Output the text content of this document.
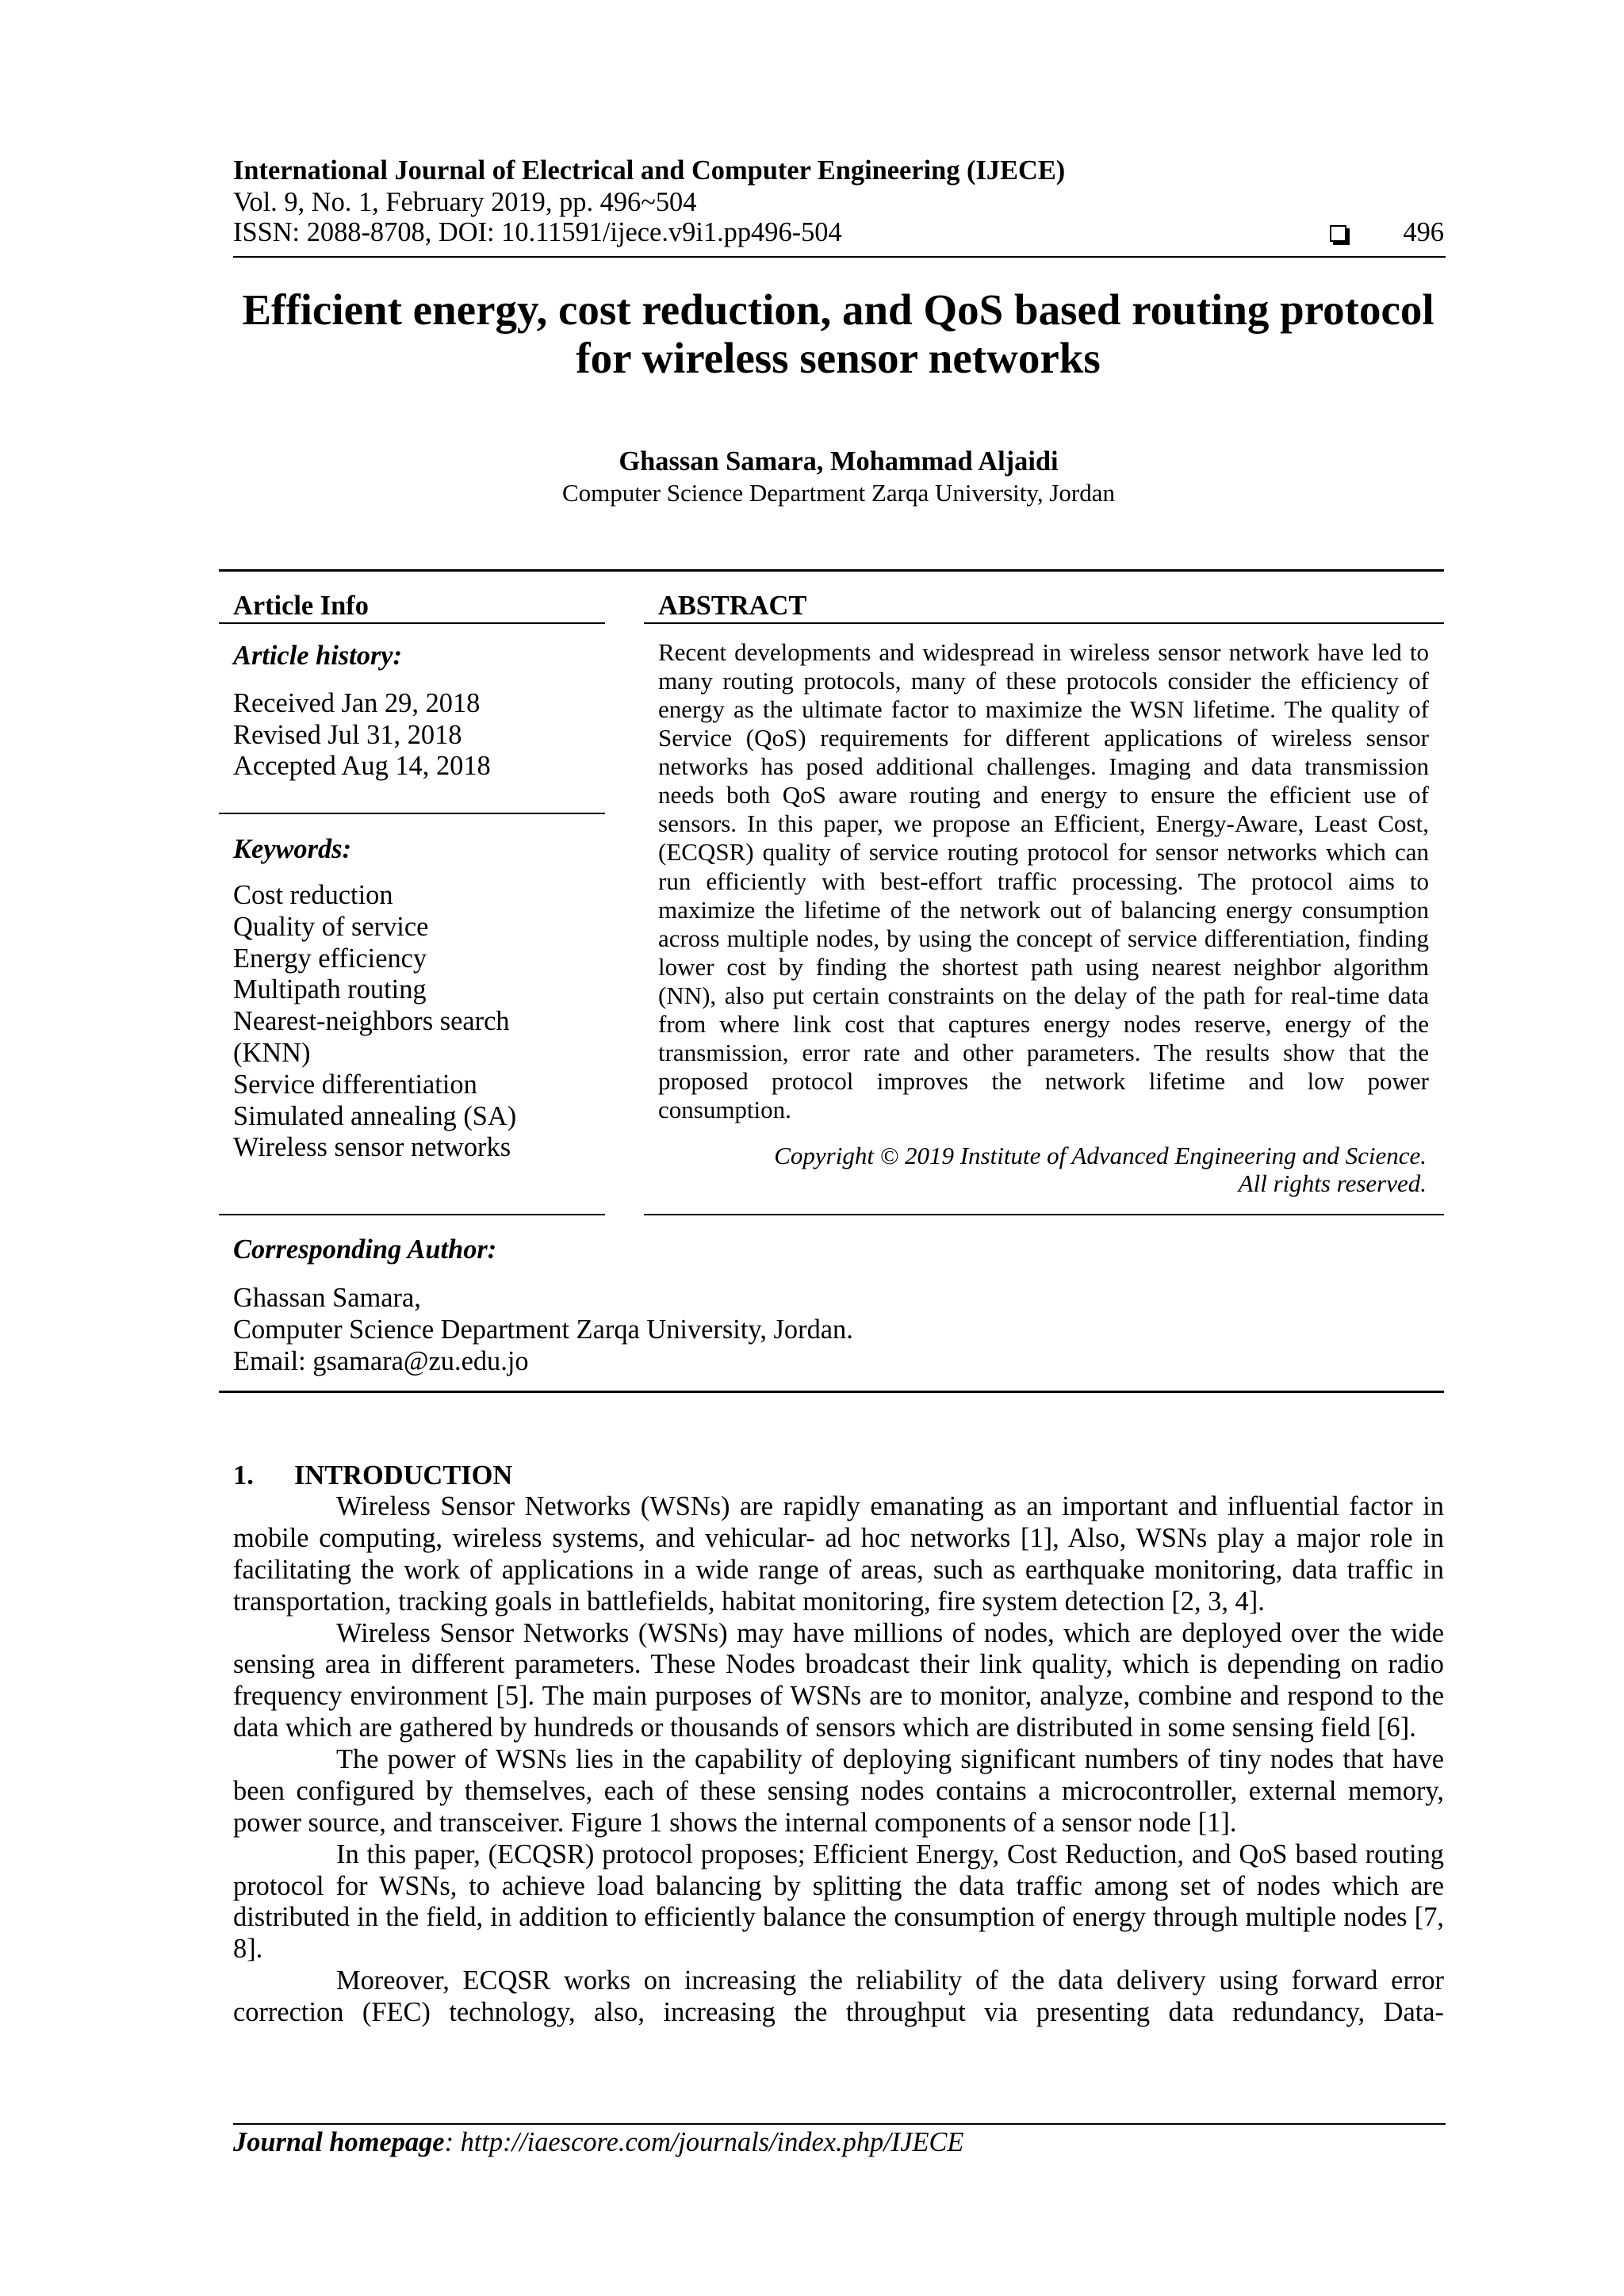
International Journal of Electrical and Computer Engineering (IJECE)
Vol. 9, No. 1, February 2019, pp. 496~504
ISSN: 2088-8708, DOI: 10.11591/ijece.v9i1.pp496-504	496
Efficient energy, cost reduction, and QoS based routing protocol for wireless sensor networks
Ghassan Samara, Mohammad Aljaidi
Computer Science Department Zarqa University, Jordan
Article Info
Article history:
Received Jan 29, 2018
Revised Jul 31, 2018
Accepted Aug 14, 2018
Keywords:
Cost reduction
Quality of service
Energy efficiency
Multipath routing
Nearest-neighbors search (KNN)
Service differentiation
Simulated annealing (SA)
Wireless sensor networks
ABSTRACT

Recent developments and widespread in wireless sensor network have led to many routing protocols, many of these protocols consider the efficiency of energy as the ultimate factor to maximize the WSN lifetime. The quality of Service (QoS) requirements for different applications of wireless sensor networks has posed additional challenges. Imaging and data transmission needs both QoS aware routing and energy to ensure the efficient use of sensors. In this paper, we propose an Efficient, Energy-Aware, Least Cost, (ECQSR) quality of service routing protocol for sensor networks which can run efficiently with best-effort traffic processing. The protocol aims to maximize the lifetime of the network out of balancing energy consumption across multiple nodes, by using the concept of service differentiation, finding lower cost by finding the shortest path using nearest neighbor algorithm (NN), also put certain constraints on the delay of the path for real-time data from where link cost that captures energy nodes reserve, energy of the transmission, error rate and other parameters. The results show that the proposed protocol improves the network lifetime and low power consumption.

Copyright © 2019 Institute of Advanced Engineering and Science.
All rights reserved.
Corresponding Author:
Ghassan Samara,
Computer Science Department Zarqa University, Jordan.
Email: gsamara@zu.edu.jo
1. INTRODUCTION

Wireless Sensor Networks (WSNs) are rapidly emanating as an important and influential factor in mobile computing, wireless systems, and vehicular- ad hoc networks [1], Also, WSNs play a major role in facilitating the work of applications in a wide range of areas, such as earthquake monitoring, data traffic in transportation, tracking goals in battlefields, habitat monitoring, fire system detection [2, 3, 4].

Wireless Sensor Networks (WSNs) may have millions of nodes, which are deployed over the wide sensing area in different parameters. These Nodes broadcast their link quality, which is depending on radio frequency environment [5]. The main purposes of WSNs are to monitor, analyze, combine and respond to the data which are gathered by hundreds or thousands of sensors which are distributed in some sensing field [6].

The power of WSNs lies in the capability of deploying significant numbers of tiny nodes that have been configured by themselves, each of these sensing nodes contains a microcontroller, external memory, power source, and transceiver. Figure 1 shows the internal components of a sensor node [1].

In this paper, (ECQSR) protocol proposes; Efficient Energy, Cost Reduction, and QoS based routing protocol for WSNs, to achieve load balancing by splitting the data traffic among set of nodes which are distributed in the field, in addition to efficiently balance the consumption of energy through multiple nodes [7, 8].

Moreover, ECQSR works on increasing the reliability of the data delivery using forward error correction (FEC) technology, also, increasing the throughput via presenting data redundancy, Data-

Journal homepage: http://iaescore.com/journals/index.php/IJECE
